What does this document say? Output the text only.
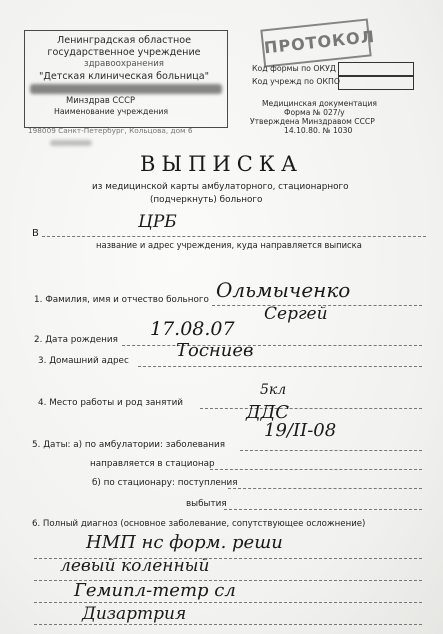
Ленинградская областное
государственное учреждение
здравоохранения
"Детская клиническая больница"
Минздрав СССР
Наименование учреждения
198009 Санкт-Петербург, Кольцова, дом 6
ПРОТОКОЛ
Код формы по ОКУД
Код учрежд по ОКПО
Медицинская документация
Форма № 027/у
Утверждена Минздравом СССР
14.10.80. № 1030
ВЫПИСКА
из медицинской карты амбулаторного, стационарного
(подчеркнуть) больного
В
ЦРБ
название и адрес учреждения, куда направляется выписка
1. Фамилия, имя и отчество больного Ольмыченко
Сергей
2. Дата рождения 17.08.07
3. Домашний адрес	Тосниев
4. Место работы и род занятий
5кл
ДДС
5. Даты: а) по амбулатории: заболевания
19/II-08
направляется в стационар
б) по стационару: поступления
выбытия
6. Полный диагноз (основное заболевание, сопутствующее осложнение)
НМП нс форм. реши
левый коленный
Гемипл-тетр сл
Дизартрия
